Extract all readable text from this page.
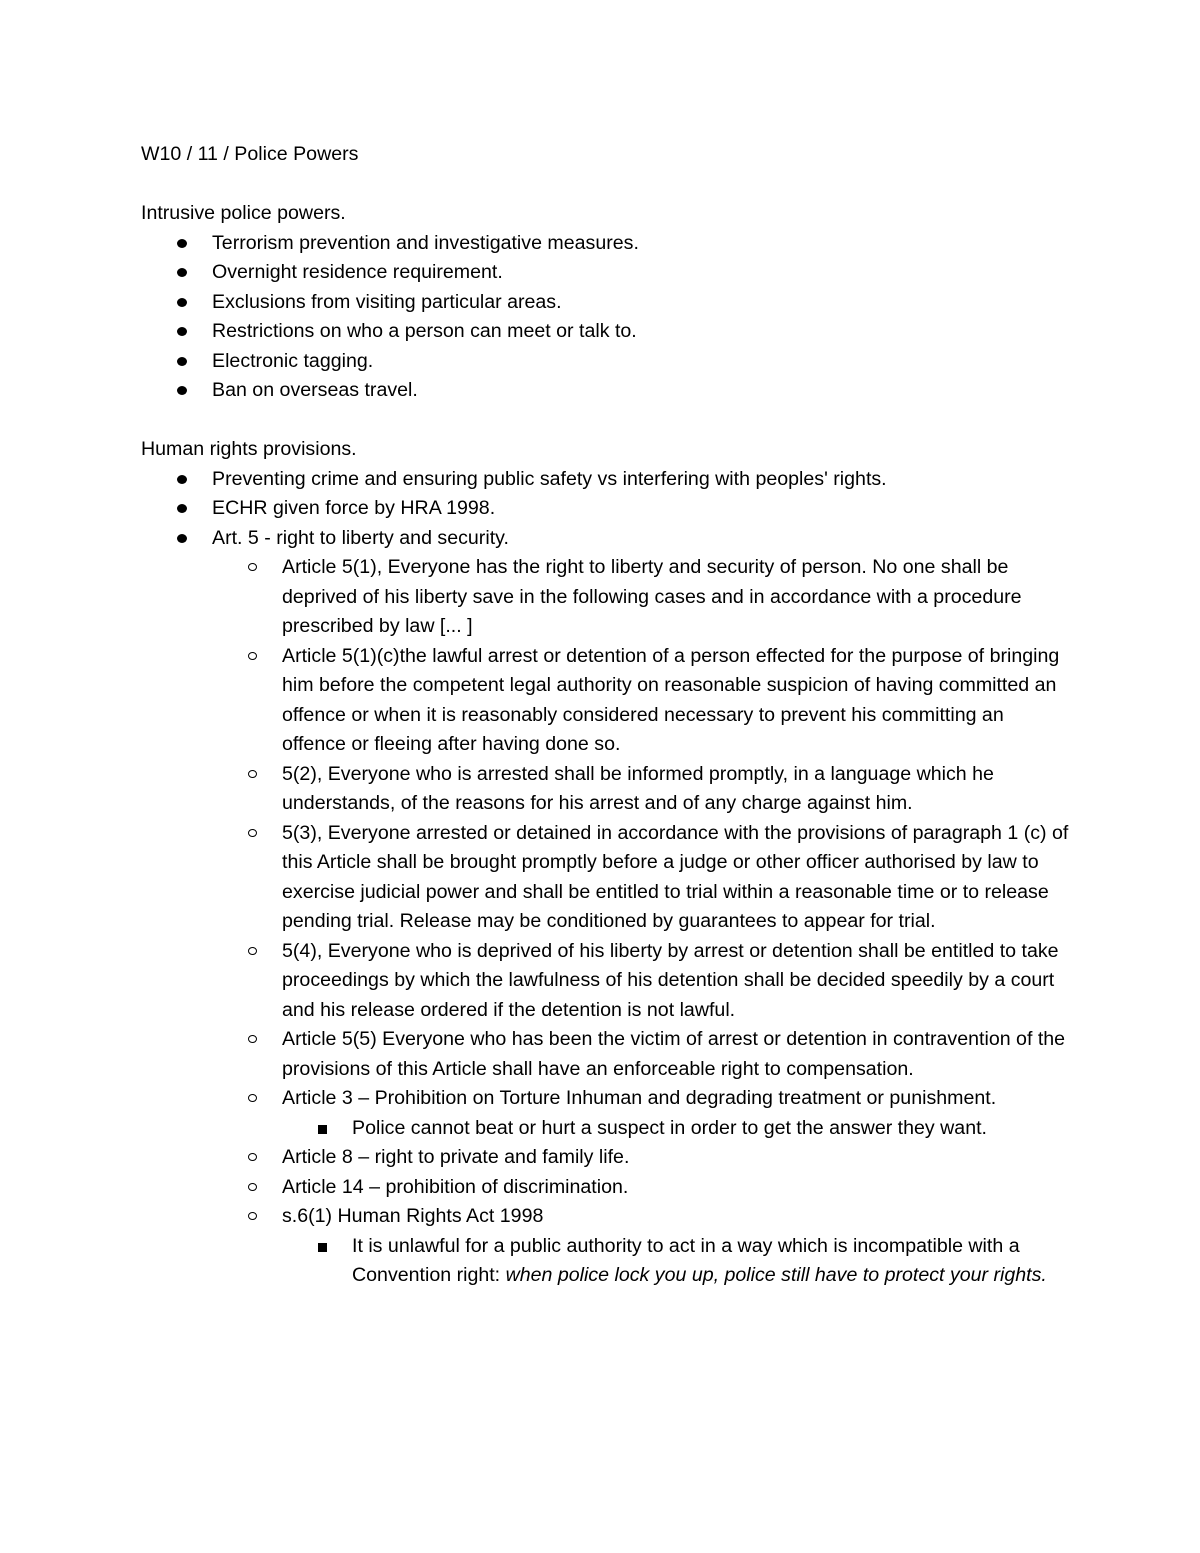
W10 / 11 / Police Powers

Intrusive police powers.

Terrorism prevention and investigative measures.
Overnight residence requirement.
Exclusions from visiting particular areas.
Restrictions on who a person can meet or talk to.
Electronic tagging.
Ban on overseas travel.

Human rights provisions.

Preventing crime and ensuring public safety vs interfering with peoples' rights.
ECHR given force by HRA 1998.
Art. 5 - right to liberty and security.
Article 5(1), Everyone has the right to liberty and security of person. No one shall be deprived of his liberty save in the following cases and in accordance with a procedure prescribed by law [... ]
Article 5(1)(c)the lawful arrest or detention of a person effected for the purpose of bringing him before the competent legal authority on reasonable suspicion of having committed an offence or when it is reasonably considered necessary to prevent his committing an offence or fleeing after having done so.
5(2), Everyone who is arrested shall be informed promptly, in a language which he understands, of the reasons for his arrest and of any charge against him.
5(3), Everyone arrested or detained in accordance with the provisions of paragraph 1 (c) of this Article shall be brought promptly before a judge or other officer authorised by law to exercise judicial power and shall be entitled to trial within a reasonable time or to release pending trial. Release may be conditioned by guarantees to appear for trial.
5(4), Everyone who is deprived of his liberty by arrest or detention shall be entitled to take proceedings by which the lawfulness of his detention shall be decided speedily by a court and his release ordered if the detention is not lawful.
Article 5(5) Everyone who has been the victim of arrest or detention in contravention of the provisions of this Article shall have an enforceable right to compensation.
Article 3 – Prohibition on Torture Inhuman and degrading treatment or punishment.
Police cannot beat or hurt a suspect in order to get the answer they want.
Article 8 – right to private and family life.
Article 14 – prohibition of discrimination.
s.6(1) Human Rights Act 1998
It is unlawful for a public authority to act in a way which is incompatible with a Convention right: when police lock you up, police still have to protect your rights.
